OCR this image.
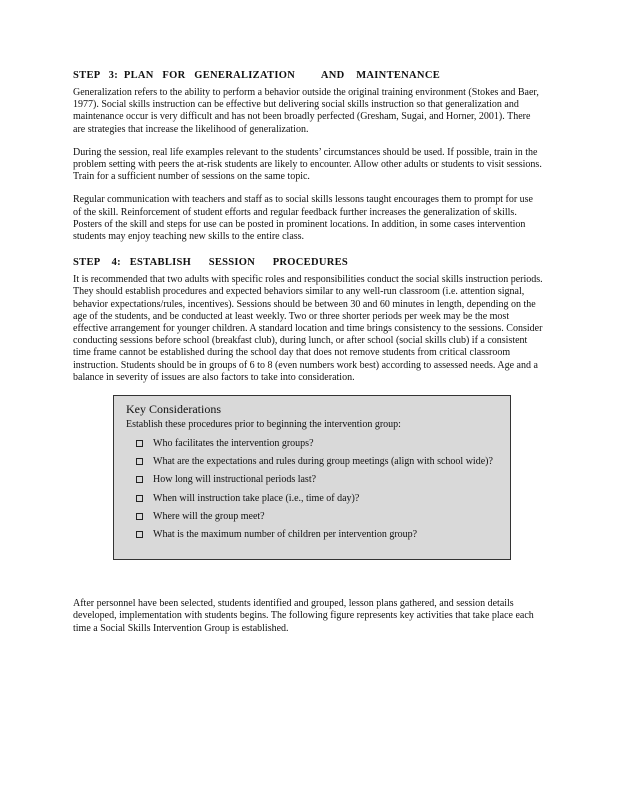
STEP   3:  PLAN   FOR   GENERALIZATION         AND    MAINTENANCE

Generalization refers to the ability to perform a behavior outside the original training environment (Stokes and Baer, 1977). Social skills instruction can be effective but delivering social skills instruction so that generalization and maintenance occur is very difficult and has not been broadly perfected (Gresham, Sugai, and Horner, 2001). There are strategies that increase the likelihood of generalization.

During the session, real life examples relevant to the students’ circumstances should be used. If possible, train in the problem setting with peers the at-risk students are likely to encounter. Allow other adults or students to visit sessions. Train for a sufficient number of sessions on the same topic.

Regular communication with teachers and staff as to social skills lessons taught encourages them to prompt for use of the skill. Reinforcement of student efforts and regular feedback further increases the generalization of skills. Posters of the skill and steps for use can be posted in prominent locations. In addition, in some cases intervention students may enjoy teaching new skills to the entire class.

STEP    4:   ESTABLISH      SESSION      PROCEDURES

It is recommended that two adults with specific roles and responsibilities conduct the social skills instruction periods. They should establish procedures and expected behaviors similar to any well-run classroom (i.e. attention signal, behavior expectations/rules, incentives). Sessions should be between 30 and 60 minutes in length, depending on the age of the students, and be conducted at least weekly. Two or three shorter periods per week may be the most effective arrangement for younger children. A standard location and time brings consistency to the sessions. Consider conducting sessions before school (breakfast club), during lunch, or after school (social skills club) if a consistent time frame cannot be established during the school day that does not remove students from critical classroom instruction. Students should be in groups of 6 to 8 (even numbers work best) according to assessed needs. Age and a balance in severity of issues are also factors to take into consideration.

Key Considerations
Establish these procedures prior to beginning the intervention group:
Who facilitates the intervention groups?
What are the expectations and rules during group meetings (align with school wide)?
How long will instructional periods last?
When will instruction take place (i.e., time of day)?
Where will the group meet?
What is the maximum number of children per intervention group?

After personnel have been selected, students identified and grouped, lesson plans gathered, and session details developed, implementation with students begins. The following figure represents key activities that take place each time a Social Skills Intervention Group is established.
